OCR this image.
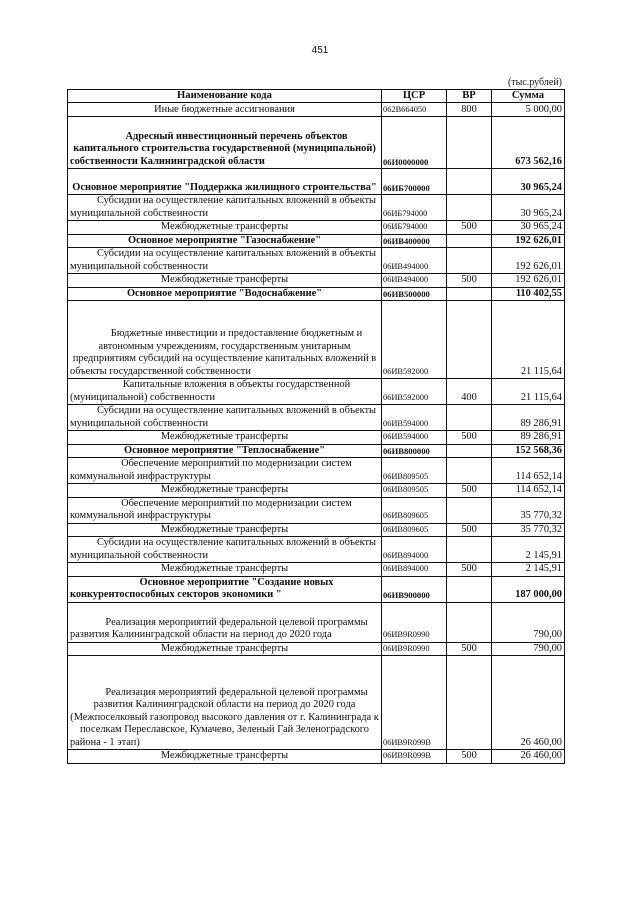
451
(тыс.рублей)
Наименование кода	ЦСР	ВР	Сумма
Иные бюджетные ассигнования	062В664050	800	5 000,00
Адресный инвестиционный перечень объектов капитального строительства государственной (муниципальной) собственности Калининградской области	06И0000000		673 562,16
Основное мероприятие "Поддержка жилищного строительства"	06ИБ700000		30 965,24
Субсидии на осуществление капитальных вложений в объекты муниципальной собственности	06ИБ794000		30 965,24
Межбюджетные трансферты	06ИБ794000	500	30 965,24
Основное мероприятие "Газоснабжение"	06ИВ400000		192 626,01
Субсидии на осуществление капитальных вложений в объекты муниципальной собственности	06ИВ494000		192 626,01
Межбюджетные трансферты	06ИВ494000	500	192 626,01
Основное мероприятие "Водоснабжение"	06ИВ500000		110 402,55
Бюджетные инвестиции и предоставление бюджетным и автономным учреждениям, государственным унитарным предприятиям субсидий на осуществление капитальных вложений в объекты государственной собственности	06ИВ592000		21 115,64
Капитальные вложения в объекты государственной (муниципальной) собственности	06ИВ592000	400	21 115,64
Субсидии на осуществление капитальных вложений в объекты муниципальной собственности	06ИВ594000		89 286,91
Межбюджетные трансферты	06ИВ594000	500	89 286,91
Основное мероприятие "Теплоснабжение"	06ИВ800000		152 568,36
Обеспечение мероприятий по модернизации систем коммунальной инфраструктуры	06ИВ809505		114 652,14
Межбюджетные трансферты	06ИВ809505	500	114 652,14
Обеспечение мероприятий по модернизации систем коммунальной инфраструктуры	06ИВ809605		35 770,32
Межбюджетные трансферты	06ИВ809605	500	35 770,32
Субсидии на осуществление капитальных вложений в объекты муниципальной собственности	06ИВ894000		2 145,91
Межбюджетные трансферты	06ИВ894000	500	2 145,91
Основное мероприятие "Создание новых конкурентоспособных секторов экономики "	06ИВ900000		187 000,00
Реализация мероприятий федеральной целевой программы развития Калининградской области на период до 2020 года	06ИВ9R0990		790,00
Межбюджетные трансферты	06ИВ9R0990	500	790,00
Реализация мероприятий федеральной целевой программы развития Калининградской области на период до 2020 года (Межпоселковый газопровод высокого давления от г. Калининграда к поселкам Переславское, Кумачево, Зеленый Гай Зеленоградского района - 1 этап)	06ИВ9R099В		26 460,00
Межбюджетные трансферты	06ИВ9R099В	500	26 460,00
